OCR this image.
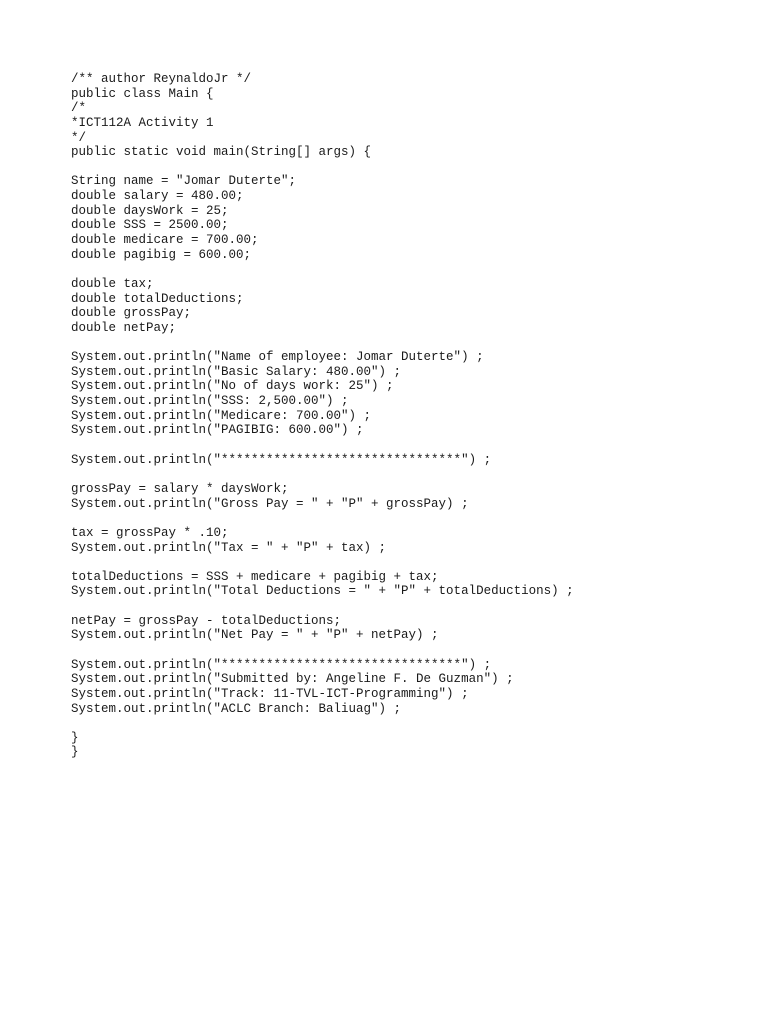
/** author ReynaldoJr */
public class Main {
/*
*ICT112A Activity 1
*/
public static void main(String[] args) {
String name = "Jomar Duterte";
double salary = 480.00;
double daysWork = 25;
double SSS = 2500.00;
double medicare = 700.00;
double pagibig = 600.00;
double tax;
double totalDeductions;
double grossPay;
double netPay;
System.out.println("Name of employee: Jomar Duterte") ;
System.out.println("Basic Salary: 480.00") ;
System.out.println("No of days work: 25") ;
System.out.println("SSS: 2,500.00") ;
System.out.println("Medicare: 700.00") ;
System.out.println("PAGIBIG: 600.00") ;
System.out.println("********************************") ;
grossPay = salary * daysWork;
System.out.println("Gross Pay = " + "P" + grossPay) ;
tax = grossPay * .10;
System.out.println("Tax = " + "P" + tax) ;
totalDeductions = SSS + medicare + pagibig + tax;
System.out.println("Total Deductions = " + "P" + totalDeductions) ;
netPay = grossPay - totalDeductions;
System.out.println("Net Pay = " + "P" + netPay) ;
System.out.println("********************************") ;
System.out.println("Submitted by: Angeline F. De Guzman") ;
System.out.println("Track: 11-TVL-ICT-Programming") ;
System.out.println("ACLC Branch: Baliuag") ;
}
}
